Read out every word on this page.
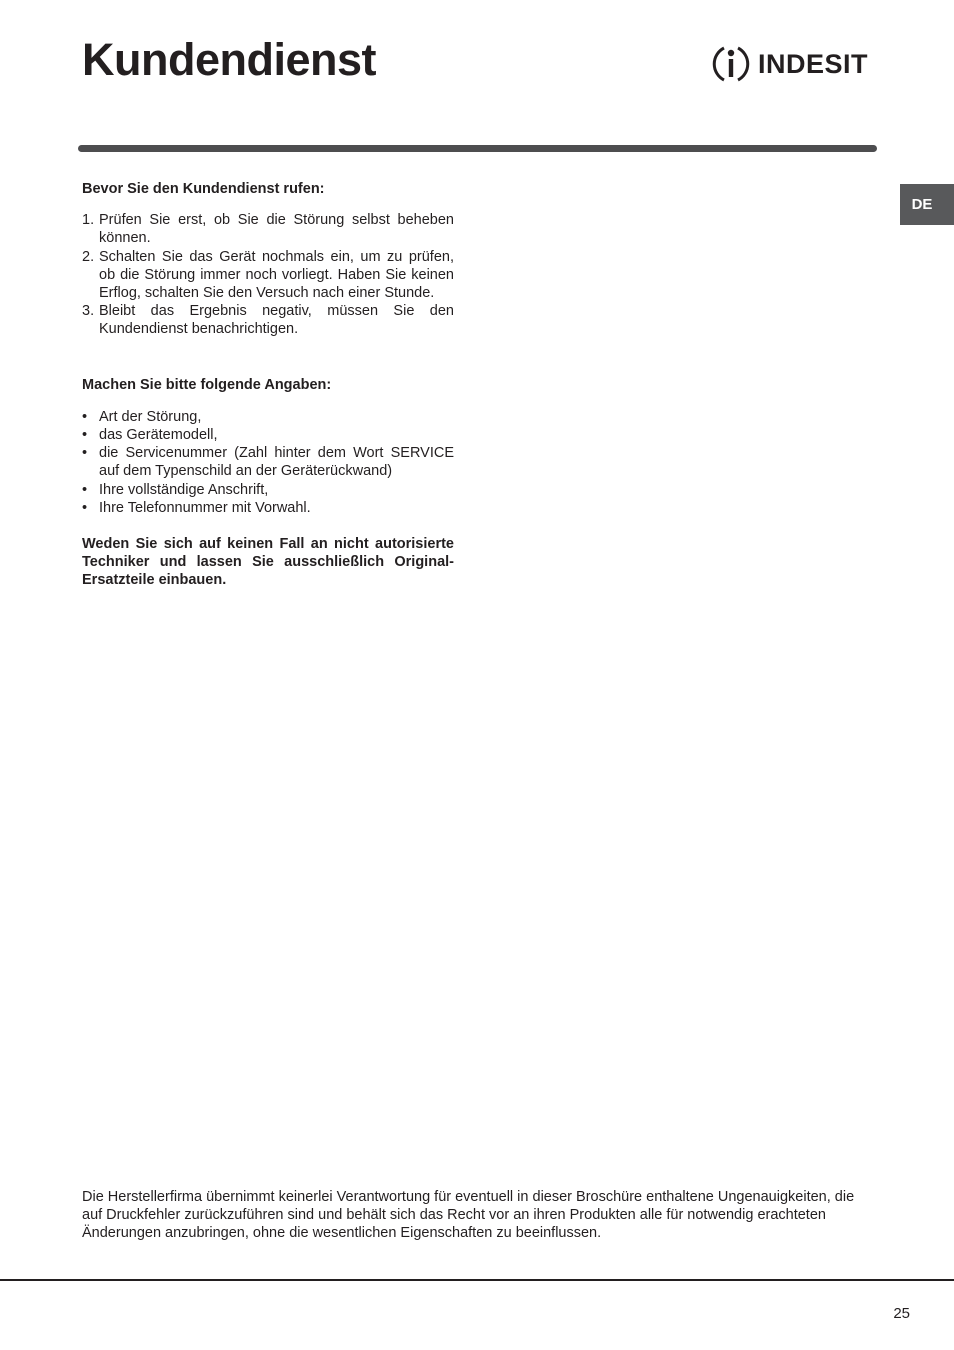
Kundendienst	INDESIT
DE

Bevor Sie den Kundendienst rufen:

1. Prüfen Sie erst, ob Sie die Störung selbst beheben können.
2. Schalten Sie das Gerät nochmals ein, um zu prüfen, ob die Störung immer noch vorliegt. Haben Sie keinen Erflog, schalten Sie den Versuch nach einer Stunde.
3. Bleibt das Ergebnis negativ, müssen Sie den Kundendienst benachrichtigen.

Machen Sie bitte folgende Angaben:

• Art der Störung,
• das Gerätemodell,
• die Servicenummer (Zahl hinter dem Wort SERVICE auf dem Typenschild an der Geräterückwand)
• Ihre vollständige Anschrift,
• Ihre Telefonnummer mit Vorwahl.

Weden Sie sich auf keinen Fall an nicht autorisierte Techniker und lassen Sie ausschließlich Original-Ersatzteile einbauen.

Die Herstellerfirma übernimmt keinerlei Verantwortung für eventuell in dieser Broschüre enthaltene Ungenauigkeiten, die auf Druckfehler zurückzuführen sind und behält sich das Recht vor an ihren Produkten alle für notwendig erachteten Änderungen anzubringen, ohne die wesentlichen Eigenschaften zu beeinflussen.

25
